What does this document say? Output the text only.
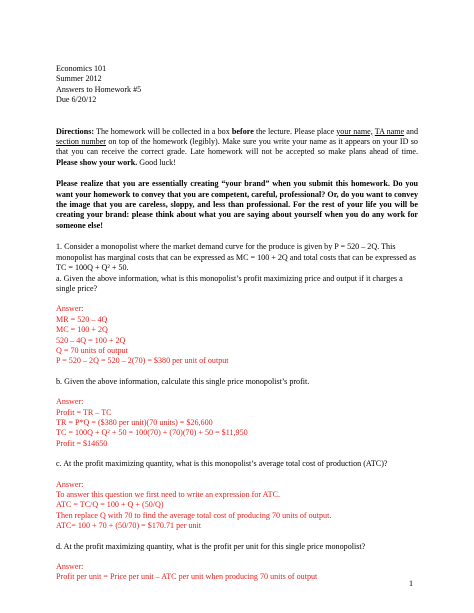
Economics 101

Summer 2012

Answers to Homework #5

Due 6/20/12

Directions: The homework will be collected in a box before the lecture. Please place your name, TA name and section number on top of the homework (legibly). Make sure you write your name as it appears on your ID so that you can receive the correct grade. Late homework will not be accepted so make plans ahead of time. Please show your work. Good luck!

Please realize that you are essentially creating “your brand” when you submit this homework. Do you want your homework to convey that you are competent, careful, professional? Or, do you want to convey the image that you are careless, sloppy, and less than professional. For the rest of your life you will be creating your brand: please think about what you are saying about yourself when you do any work for someone else!

1. Consider a monopolist where the market demand curve for the produce is given by P = 520 – 2Q. This monopolist has marginal costs that can be expressed as MC = 100 + 2Q and total costs that can be expressed as TC = 100Q + Q² + 50.

a. Given the above information, what is this monopolist’s profit maximizing price and output if it charges a single price?

Answer:

MR = 520 – 4Q

MC = 100 + 2Q

520 – 4Q = 100 + 2Q

Q = 70 units of output

P = 520 – 2Q = 520 – 2(70) = $380 per unit of output

b. Given the above information, calculate this single price monopolist’s profit.

Answer:

Profit = TR – TC

TR = P*Q = ($380 per unit)(70 units) = $26,600

TC = 100Q + Q² + 50 = 100(70) + (70)(70) + 50 = $11,950

Profit = $14650

c. At the profit maximizing quantity, what is this monopolist’s average total cost of production (ATC)?

Answer:

To answer this question we first need to write an expression for ATC.

ATC = TC/Q = 100 + Q + (50/Q)

Then replace Q with 70 to find the average total cost of producing 70 units of output.

ATC= 100 + 70 + (50/70) = $170.71 per unit

d. At the profit maximizing quantity, what is the profit per unit for this single price monopolist?

Answer:

Profit per unit = Price per unit – ATC per unit when producing 70 units of output

1
